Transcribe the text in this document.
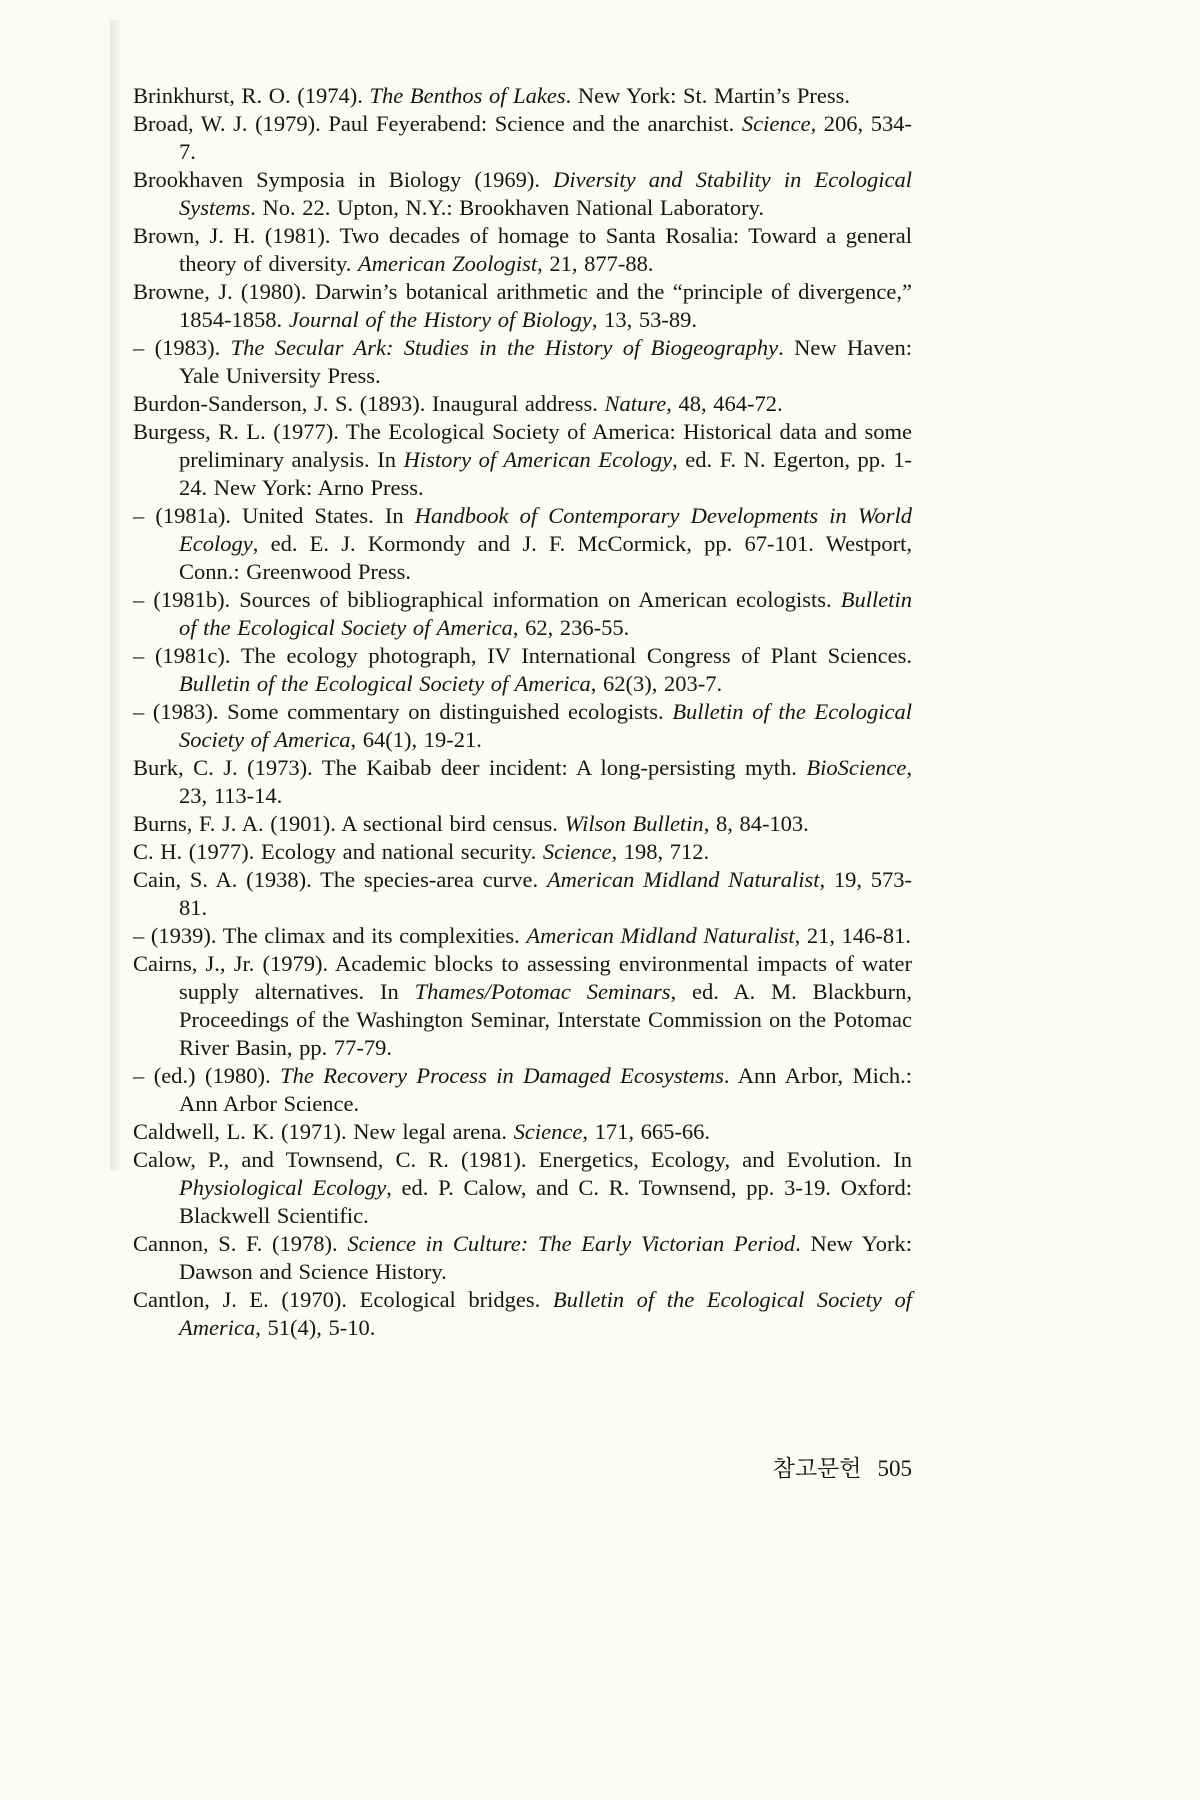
Brinkhurst, R. O. (1974). The Benthos of Lakes. New York: St. Martin’s Press.

Broad, W. J. (1979). Paul Feyerabend: Science and the anarchist. Science, 206, 534-7.

Brookhaven Symposia in Biology (1969). Diversity and Stability in Ecological Systems. No. 22. Upton, N.Y.: Brookhaven National Laboratory.

Brown, J. H. (1981). Two decades of homage to Santa Rosalia: Toward a general theory of diversity. American Zoologist, 21, 877-88.

Browne, J. (1980). Darwin’s botanical arithmetic and the “principle of divergence,” 1854-1858. Journal of the History of Biology, 13, 53-89.

– (1983). The Secular Ark: Studies in the History of Biogeography. New Haven: Yale University Press.

Burdon-Sanderson, J. S. (1893). Inaugural address. Nature, 48, 464-72.

Burgess, R. L. (1977). The Ecological Society of America: Historical data and some preliminary analysis. In History of American Ecology, ed. F. N. Egerton, pp. 1-24. New York: Arno Press.

– (1981a). United States. In Handbook of Contemporary Developments in World Ecology, ed. E. J. Kormondy and J. F. McCormick, pp. 67-101. Westport, Conn.: Greenwood Press.

– (1981b). Sources of bibliographical information on American ecologists. Bulletin of the Ecological Society of America, 62, 236-55.

– (1981c). The ecology photograph, IV International Congress of Plant Sciences. Bulletin of the Ecological Society of America, 62(3), 203-7.

– (1983). Some commentary on distinguished ecologists. Bulletin of the Ecological Society of America, 64(1), 19-21.

Burk, C. J. (1973). The Kaibab deer incident: A long-persisting myth. BioScience, 23, 113-14.

Burns, F. J. A. (1901). A sectional bird census. Wilson Bulletin, 8, 84-103.

C. H. (1977). Ecology and national security. Science, 198, 712.

Cain, S. A. (1938). The species-area curve. American Midland Naturalist, 19, 573-81.

– (1939). The climax and its complexities. American Midland Naturalist, 21, 146-81.

Cairns, J., Jr. (1979). Academic blocks to assessing environmental impacts of water supply alternatives. In Thames/Potomac Seminars, ed. A. M. Blackburn, Proceedings of the Washington Seminar, Interstate Commission on the Potomac River Basin, pp. 77-79.

– (ed.) (1980). The Recovery Process in Damaged Ecosystems. Ann Arbor, Mich.: Ann Arbor Science.

Caldwell, L. K. (1971). New legal arena. Science, 171, 665-66.

Calow, P., and Townsend, C. R. (1981). Energetics, Ecology, and Evolution. In Physiological Ecology, ed. P. Calow, and C. R. Townsend, pp. 3-19. Oxford: Blackwell Scientific.

Cannon, S. F. (1978). Science in Culture: The Early Victorian Period. New York: Dawson and Science History.

Cantlon, J. E. (1970). Ecological bridges. Bulletin of the Ecological Society of America, 51(4), 5-10.

참고문헌 505
